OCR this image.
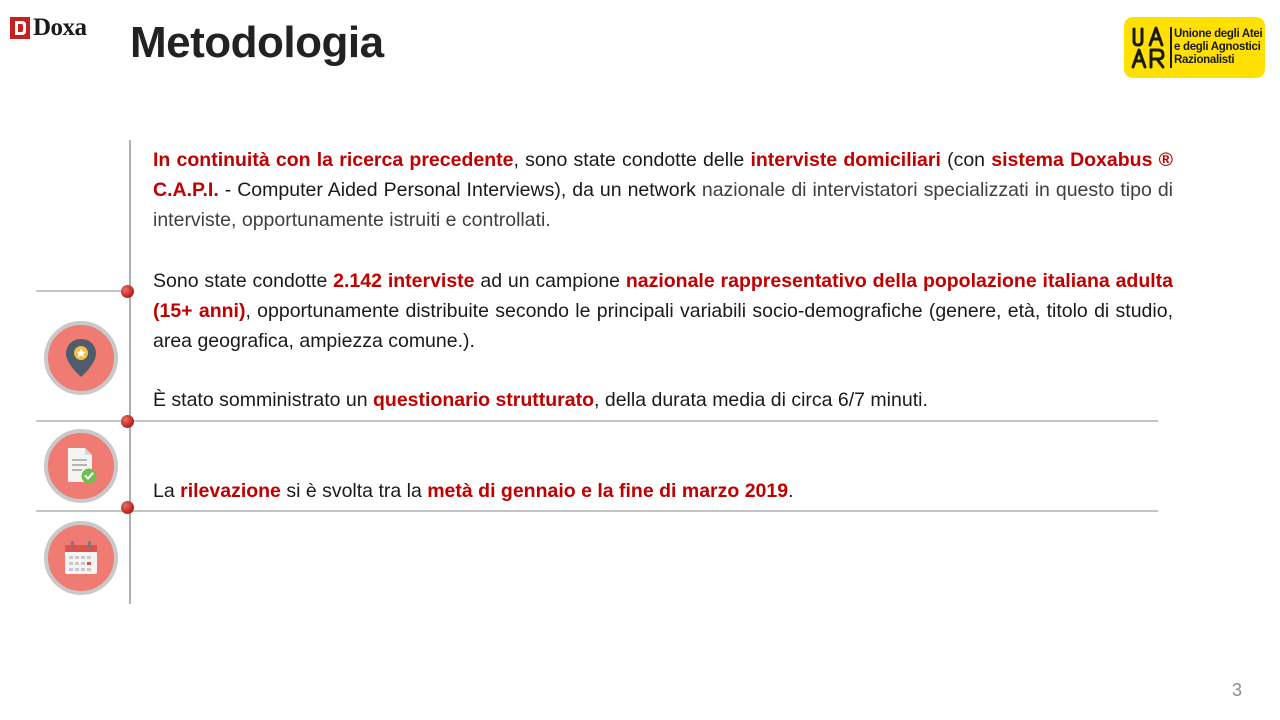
Doxa Metodologia	Unione degli Atei
e degli Agnostici
Razionalisti

In continuità con la ricerca precedente, sono state condotte delle interviste domiciliari (con sistema Doxabus ® C.A.P.I. - Computer Aided Personal Interviews), da un network nazionale di intervistatori specializzati in questo tipo di interviste, opportunamente istruiti e controllati.

Sono state condotte 2.142 interviste ad un campione nazionale rappresentativo della popolazione italiana adulta (15+ anni), opportunamente distribuite secondo le principali variabili socio-demografiche (genere, età, titolo di studio, area geografica, ampiezza comune.).

È stato somministrato un questionario strutturato, della durata media di circa 6/7 minuti.

La rilevazione si è svolta tra la metà di gennaio e la fine di marzo 2019.

3
